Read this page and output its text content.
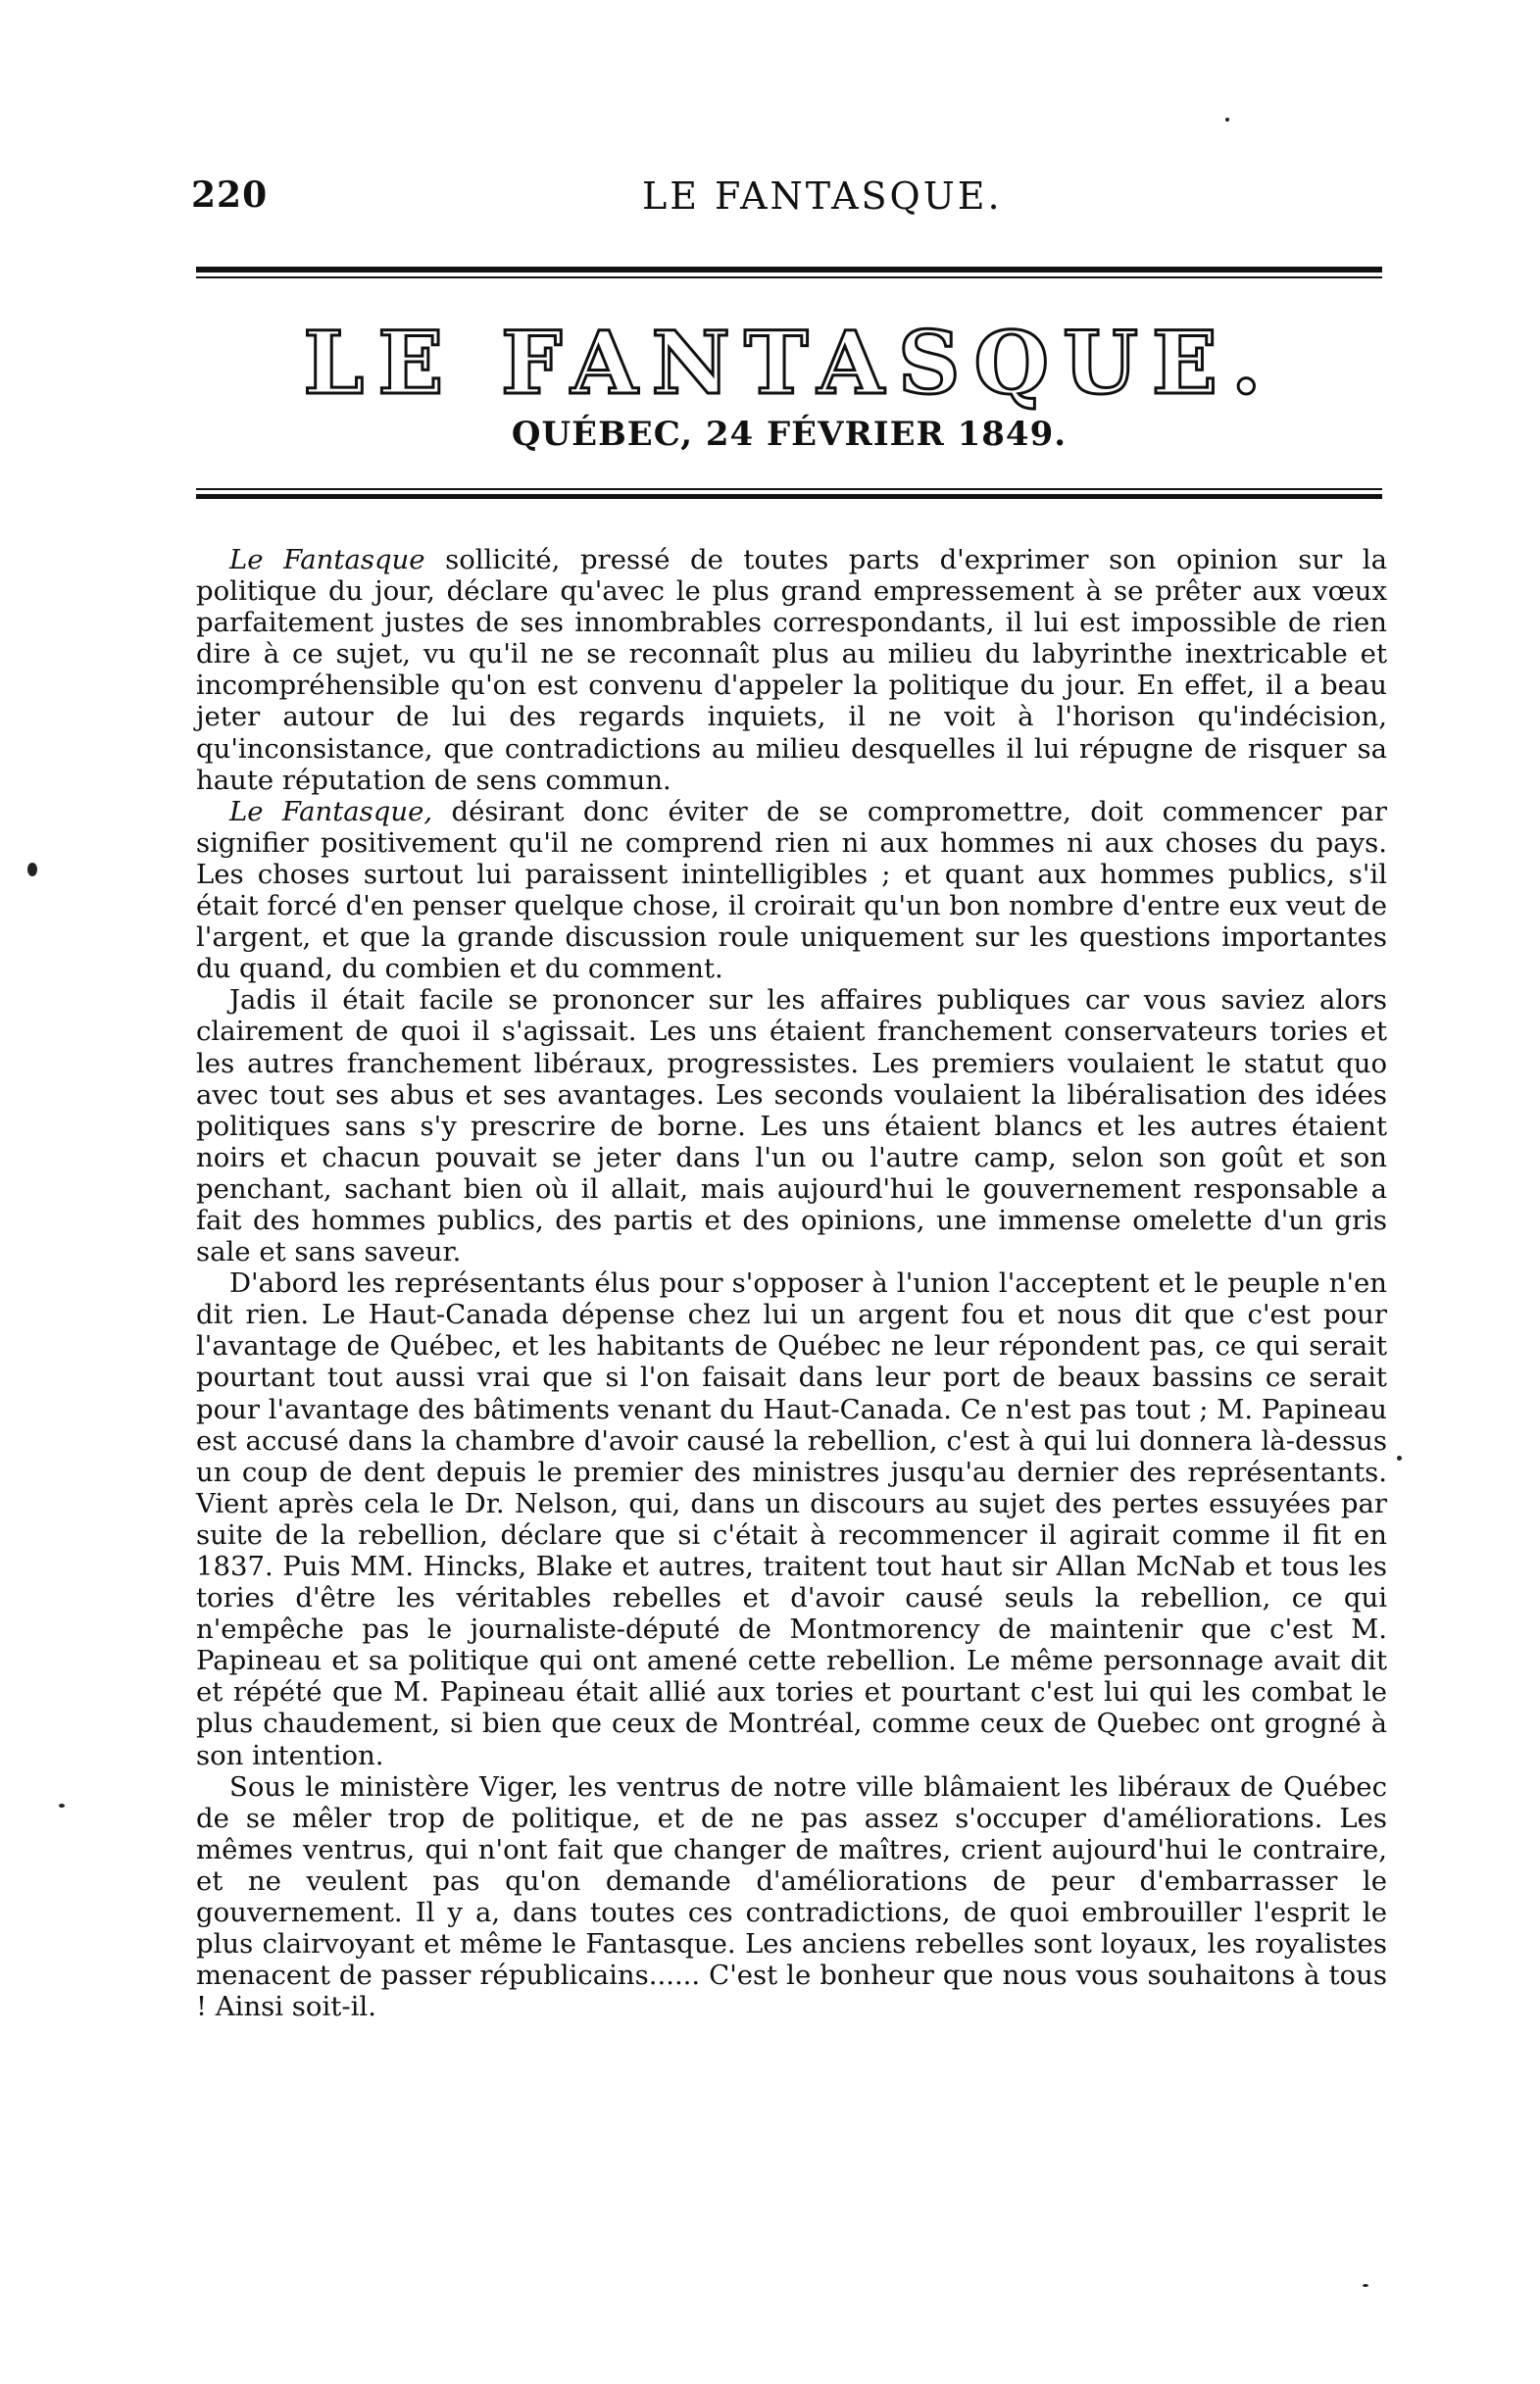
220	LE FANTASQUE.
LE FANTASQUE.
QUÉBEC, 24 FÉVRIER 1849.

Le Fantasque sollicité, pressé de toutes parts d'exprimer son opinion sur la politique du jour, déclare qu'avec le plus grand empressement à se prêter aux vœux parfaitement justes de ses innombrables correspondants, il lui est impossible de rien dire à ce sujet, vu qu'il ne se reconnaît plus au milieu du labyrinthe inextricable et incompréhensible qu'on est convenu d'appeler la politique du jour. En effet, il a beau jeter autour de lui des regards inquiets, il ne voit à l'horison qu'indécision, qu'inconsistance, que contradictions au milieu desquelles il lui répugne de risquer sa haute réputation de sens commun.

Le Fantasque, désirant donc éviter de se compromettre, doit commencer par signifier positivement qu'il ne comprend rien ni aux hommes ni aux choses du pays. Les choses surtout lui paraissent inintelligibles ; et quant aux hommes publics, s'il était forcé d'en penser quelque chose, il croirait qu'un bon nombre d'entre eux veut de l'argent, et que la grande discussion roule uniquement sur les questions importantes du quand, du combien et du comment.

Jadis il était facile se prononcer sur les affaires publiques car vous saviez alors clairement de quoi il s'agissait. Les uns étaient franchement conservateurs tories et les autres franchement libéraux, progressistes. Les premiers voulaient le statut quo avec tout ses abus et ses avantages. Les seconds voulaient la libéralisation des idées politiques sans s'y prescrire de borne. Les uns étaient blancs et les autres étaient noirs et chacun pouvait se jeter dans l'un ou l'autre camp, selon son goût et son penchant, sachant bien où il allait, mais aujourd'hui le gouvernement responsable a fait des hommes publics, des partis et des opinions, une immense omelette d'un gris sale et sans saveur.

D'abord les représentants élus pour s'opposer à l'union l'acceptent et le peuple n'en dit rien. Le Haut-Canada dépense chez lui un argent fou et nous dit que c'est pour l'avantage de Québec, et les habitants de Québec ne leur répondent pas, ce qui serait pourtant tout aussi vrai que si l'on faisait dans leur port de beaux bassins ce serait pour l'avantage des bâtiments venant du Haut-Canada. Ce n'est pas tout ; M. Papineau est accusé dans la chambre d'avoir causé la rebellion, c'est à qui lui donnera là-dessus un coup de dent depuis le premier des ministres jusqu'au dernier des représentants. Vient après cela le Dr. Nelson, qui, dans un discours au sujet des pertes essuyées par suite de la rebellion, déclare que si c'était à recommencer il agirait comme il fit en 1837. Puis MM. Hincks, Blake et autres, traitent tout haut sir Allan McNab et tous les tories d'être les véritables rebelles et d'avoir causé seuls la rebellion, ce qui n'empêche pas le journaliste-député de Montmorency de maintenir que c'est M. Papineau et sa politique qui ont amené cette rebellion. Le même personnage avait dit et répété que M. Papineau était allié aux tories et pourtant c'est lui qui les combat le plus chaudement, si bien que ceux de Montréal, comme ceux de Quebec ont grogné à son intention.

Sous le ministère Viger, les ventrus de notre ville blâmaient les libéraux de Québec de se mêler trop de politique, et de ne pas assez s'occuper d'améliorations. Les mêmes ventrus, qui n'ont fait que changer de maîtres, crient aujourd'hui le contraire, et ne veulent pas qu'on demande d'améliorations de peur d'embarrasser le gouvernement. Il y a, dans toutes ces contradictions, de quoi embrouiller l'esprit le plus clairvoyant et même le Fantasque. Les anciens rebelles sont loyaux, les royalistes menacent de passer républicains...... C'est le bonheur que nous vous souhaitons à tous ! Ainsi soit-il.
